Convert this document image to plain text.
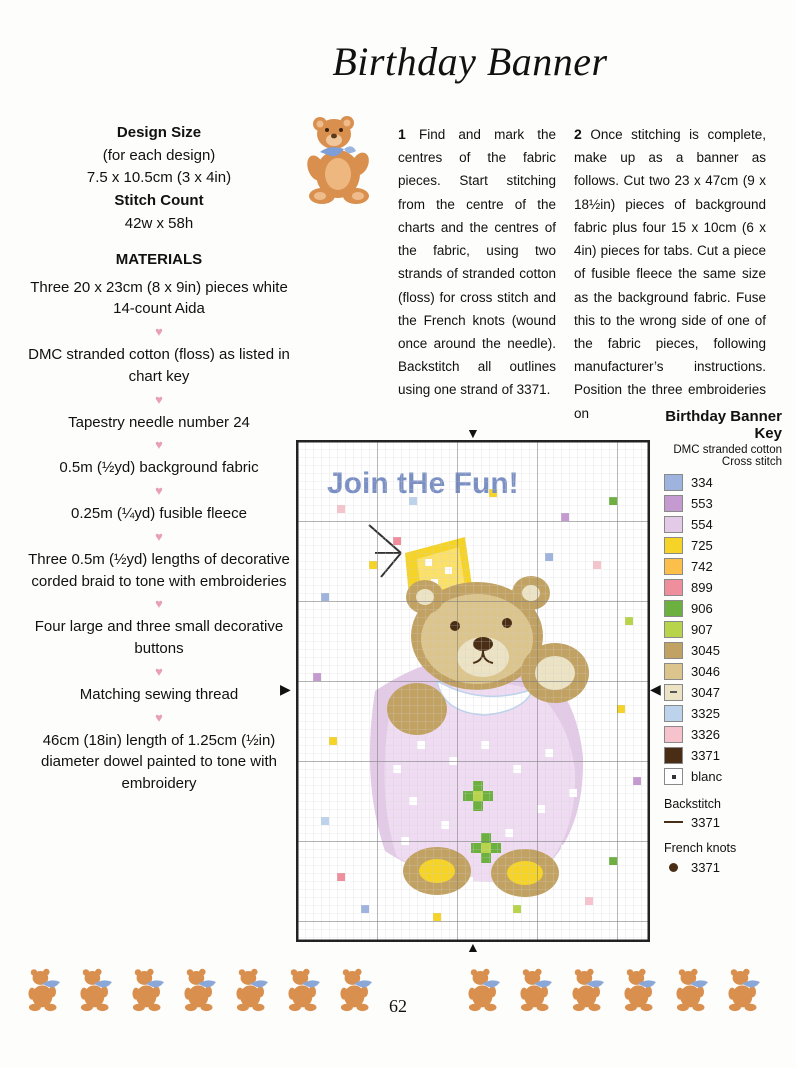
Birthday Banner
Design Size
(for each design)
7.5 x 10.5cm (3 x 4in)
Stitch Count
42w x 58h
MATERIALS
Three 20 x 23cm (8 x 9in) pieces white 14-count Aida
♥
DMC stranded cotton (floss) as listed in chart key
♥
Tapestry needle number 24
♥
0.5m (½yd) background fabric
♥
0.25m (¼yd) fusible fleece
♥
Three 0.5m (½yd) lengths of decorative corded braid to tone with embroideries
♥
Four large and three small decorative buttons
♥
Matching sewing thread
♥
46cm (18in) length of 1.25cm (½in) diameter dowel painted to tone with embroidery
1 Find and mark the centres of the fabric pieces. Start stitching from the centre of the charts and the centres of the fabric, using two strands of stranded cotton (floss) for cross stitch and the French knots (wound once around the needle). Backstitch all outlines using one strand of 3371.
2 Once stitching is complete, make up as a banner as follows. Cut two 23 x 47cm (9 x 18½in) pieces of background fabric plus four 15 x 10cm (6 x 4in) pieces for tabs. Cut a piece of fusible fleece the same size as the background fabric. Fuse this to the wrong side of one of the fabric pieces, following manufacturer’s instructions. Position the three embroideries on
▼
▲
▶	◀
Birthday Banner Key
DMC stranded cotton
Cross stitch
334
553
554
725
742
899
906
907
3045
3046
3047
3325
3326
3371
blanc
Backstitch
3371
French knots
3371
62
